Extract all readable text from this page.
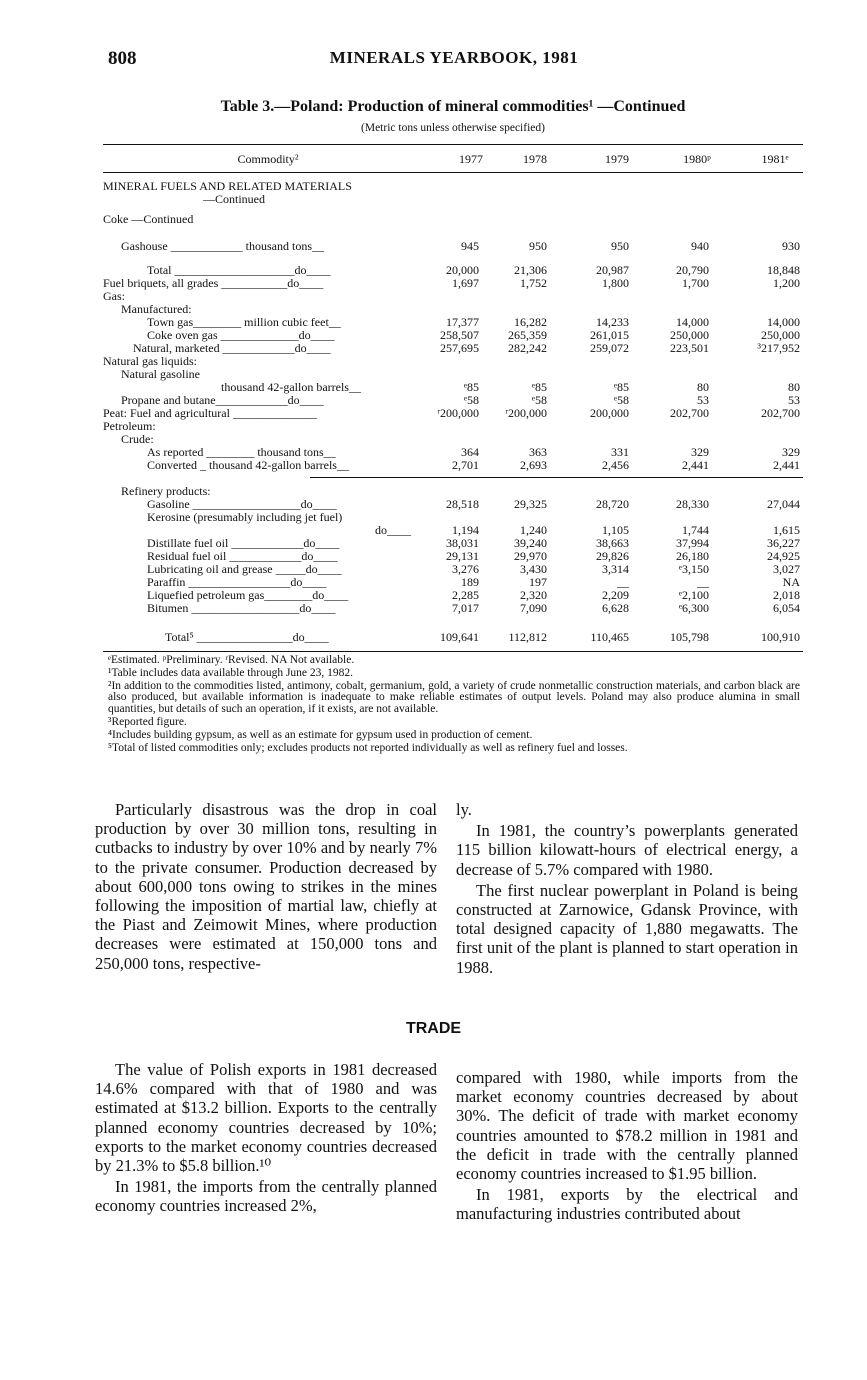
808	MINERALS YEARBOOK, 1981
Table 3.—Poland: Production of mineral commodities¹ —Continued
(Metric tons unless otherwise specified)
Commodity²	1977	1978	1979	1980ᵖ	1981ᵉ
MINERAL FUELS AND RELATED MATERIALS
—Continued
Coke —Continued
Gashouse ____________ thousand tons__	945	950	950	940	930
Total ____________________do____	20,000	21,306	20,987	20,790	18,848
Fuel briquets, all grades ___________do____	1,697	1,752	1,800	1,700	1,200
Gas:
Manufactured:
Town gas________ million cubic feet__	17,377	16,282	14,233	14,000	14,000
Coke oven gas _____________do____	258,507	265,359	261,015	250,000	250,000
Natural, marketed ____________do____	257,695	282,242	259,072	223,501	³217,952
Natural gas liquids:
Natural gasoline
thousand 42-gallon barrels__	ᵉ85	ᵉ85	ᵉ85	80	80
Propane and butane____________do____	ᵉ58	ᵉ58	ᵉ58	53	53
Peat: Fuel and agricultural ______________	ʳ200,000	ʳ200,000	200,000	202,700	202,700
Petroleum:
Crude:
As reported ________ thousand tons__	364	363	331	329	329
Converted _ thousand 42-gallon barrels__	2,701	2,693	2,456	2,441	2,441
Refinery products:
Gasoline __________________do____	28,518	29,325	28,720	28,330	27,044
Kerosine (presumably including jet fuel)
do____	1,194	1,240	1,105	1,744	1,615
Distillate fuel oil ____________do____	38,031	39,240	38,663	37,994	36,227
Residual fuel oil ____________do____	29,131	29,970	29,826	26,180	24,925
Lubricating oil and grease _____do____	3,276	3,430	3,314	ᵉ3,150	3,027
Paraffin _________________do____	189	197	__	__	NA
Liquefied petroleum gas________do____	2,285	2,320	2,209	ᵉ2,100	2,018
Bitumen __________________do____	7,017	7,090	6,628	ᵉ6,300	6,054
Total⁵ ________________do____	109,641	112,812	110,465	105,798	100,910

ᵉEstimated. ᵖPreliminary. ʳRevised. NA Not available.

¹Table includes data available through June 23, 1982.

²In addition to the commodities listed, antimony, cobalt, germanium, gold, a variety of crude nonmetallic construction materials, and carbon black are also produced, but available information is inadequate to make reliable estimates of output levels. Poland may also produce alumina in small quantities, but details of such an operation, if it exists, are not available.

³Reported figure.

⁴Includes building gypsum, as well as an estimate for gypsum used in production of cement.

⁵Total of listed commodities only; excludes products not reported individually as well as refinery fuel and losses.

Particularly disastrous was the drop in coal production by over 30 million tons, resulting in cutbacks to industry by over 10% and by nearly 7% to the private consumer. Production decreased by about 600,000 tons owing to strikes in the mines following the imposition of martial law, chiefly at the Piast and Zeimowit Mines, where production decreases were estimated at 150,000 tons and 250,000 tons, respective-

ly.

In 1981, the country’s powerplants generated 115 billion kilowatt-hours of electrical energy, a decrease of 5.7% compared with 1980.

The first nuclear powerplant in Poland is being constructed at Zarnowice, Gdansk Province, with total designed capacity of 1,880 megawatts. The first unit of the plant is planned to start operation in 1988.

TRADE

The value of Polish exports in 1981 decreased 14.6% compared with that of 1980 and was estimated at $13.2 billion. Exports to the centrally planned economy countries decreased by 10%; exports to the market economy countries decreased by 21.3% to $5.8 billion.¹⁰

In 1981, the imports from the centrally planned economy countries increased 2%,

compared with 1980, while imports from the market economy countries decreased by about 30%. The deficit of trade with market economy countries amounted to $78.2 million in 1981 and the deficit in trade with the centrally planned economy countries increased to $1.95 billion.

In 1981, exports by the electrical and manufacturing industries contributed about
